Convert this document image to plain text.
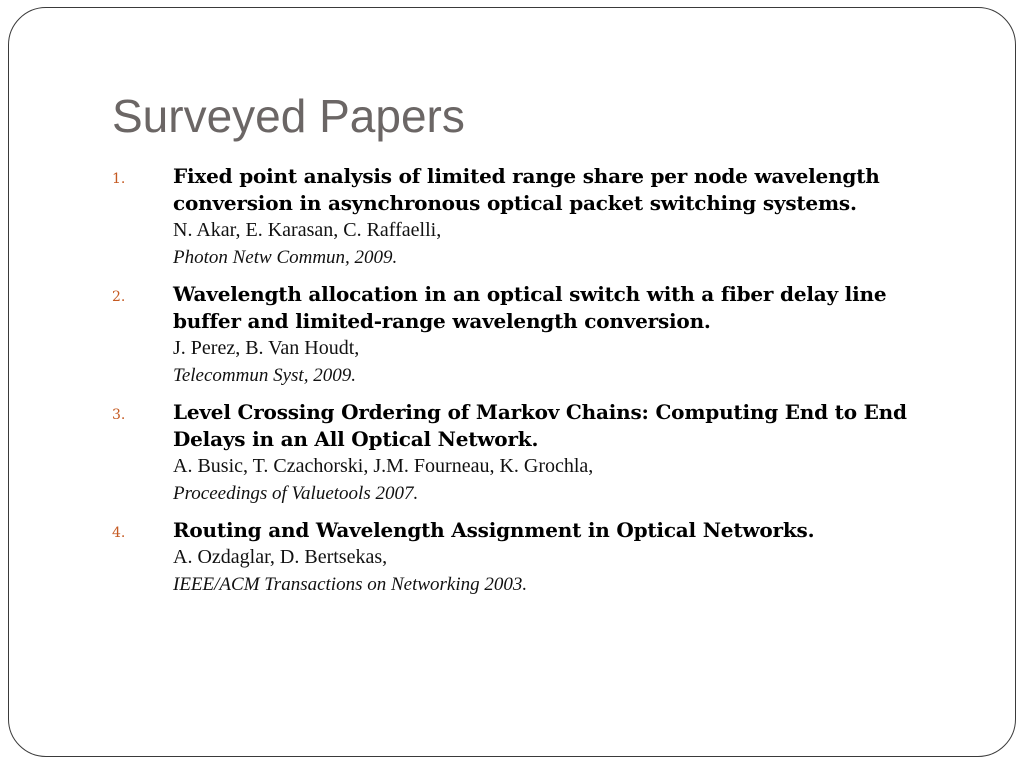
Surveyed Papers
1. Fixed point analysis of limited range share per node wavelength conversion in asynchronous optical packet switching systems.
N. Akar, E. Karasan, C. Raffaelli,
Photon Netw Commun, 2009.
2. Wavelength allocation in an optical switch with a fiber delay line buffer and limited-range wavelength conversion.
J. Perez, B. Van Houdt,
Telecommun Syst, 2009.
3. Level Crossing Ordering of Markov Chains: Computing End to End Delays in an All Optical Network.
A. Busic, T. Czachorski, J.M. Fourneau, K. Grochla,
Proceedings of Valuetools 2007.
4. Routing and Wavelength Assignment in Optical Networks.
A. Ozdaglar, D. Bertsekas,
IEEE/ACM Transactions on Networking 2003.
